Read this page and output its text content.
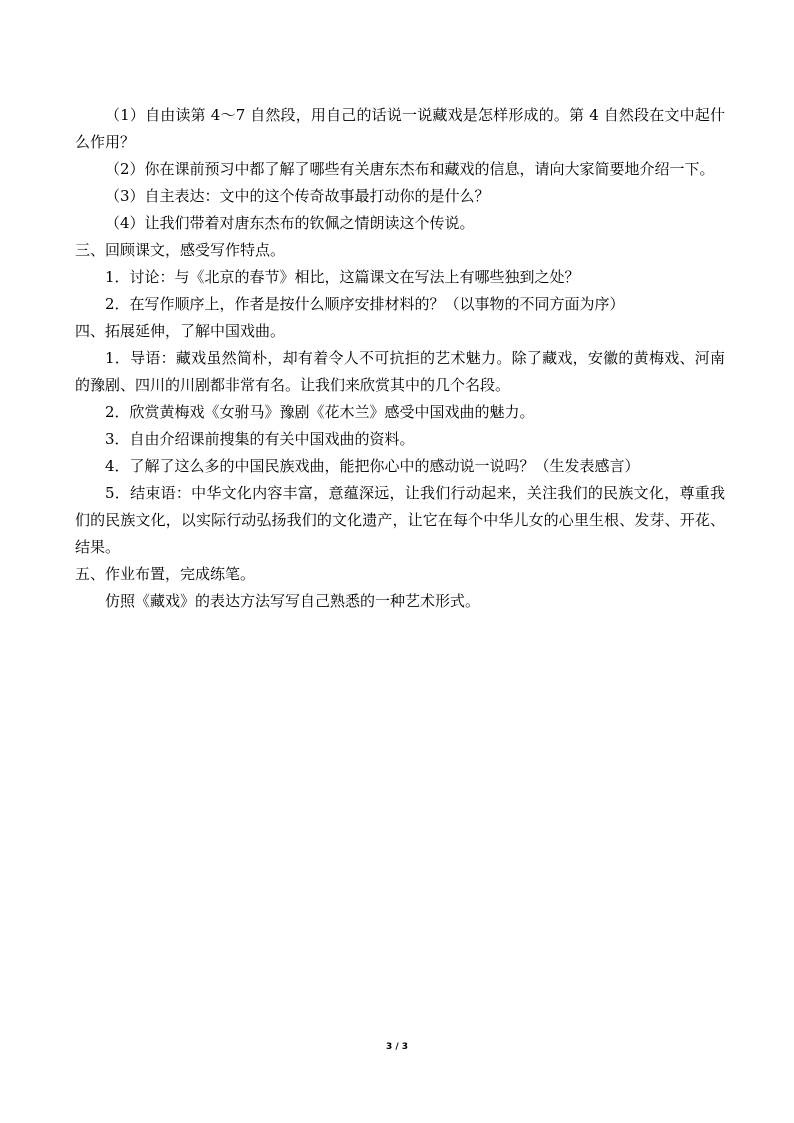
（1）自由读第 4～7 自然段，用自己的话说一说藏戏是怎样形成的。第 4 自然段在文中起什么作用？

（2）你在课前预习中都了解了哪些有关唐东杰布和藏戏的信息，请向大家简要地介绍一下。

（3）自主表达：文中的这个传奇故事最打动你的是什么？

（4）让我们带着对唐东杰布的钦佩之情朗读这个传说。

三、回顾课文，感受写作特点。

1．讨论：与《北京的春节》相比，这篇课文在写法上有哪些独到之处？

2．在写作顺序上，作者是按什么顺序安排材料的？（以事物的不同方面为序）

四、拓展延伸，了解中国戏曲。

1．导语：藏戏虽然简朴，却有着令人不可抗拒的艺术魅力。除了藏戏，安徽的黄梅戏、河南的豫剧、四川的川剧都非常有名。让我们来欣赏其中的几个名段。

2．欣赏黄梅戏《女驸马》豫剧《花木兰》感受中国戏曲的魅力。

3．自由介绍课前搜集的有关中国戏曲的资料。

4．了解了这么多的中国民族戏曲，能把你心中的感动说一说吗？（生发表感言）

5．结束语：中华文化内容丰富，意蕴深远，让我们行动起来，关注我们的民族文化，尊重我们的民族文化，以实际行动弘扬我们的文化遗产，让它在每个中华儿女的心里生根、发芽、开花、结果。

五、作业布置，完成练笔。

仿照《藏戏》的表达方法写写自己熟悉的一种艺术形式。

3 / 3
